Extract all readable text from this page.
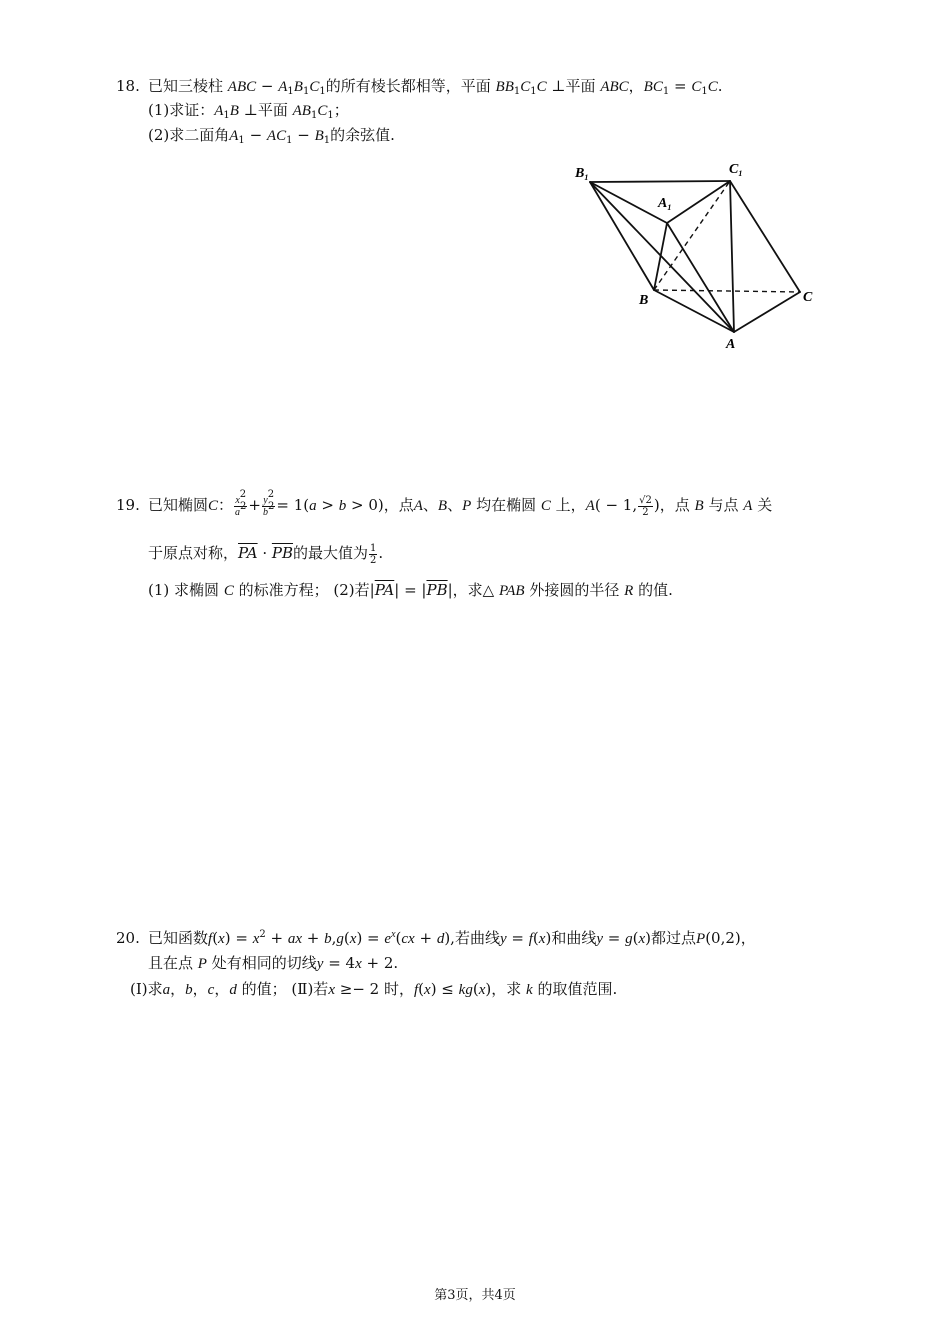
18. 已知三棱柱 ABC − $A_1B_1C_1$的所有棱长都相等，平面 $BB_1C_1C$ ⊥平面 ABC，$BC_1 = C_1C$.
(1)求证：$A_1B$ ⊥平面 $AB_1C_1$；
(2)求二面角$A_1 - AC_1 - B_1$的余弦值.
$B_1$
$C_1$
$A_1$
B	C
A
19. 已知椭圆C： $\frac{x^2}{a^2} + \frac{y^2}{b^2} = 1(a > b > 0)$，点A、B、P 均在椭圆 C 上，A( − 1, $\frac{√2}{2}$ )，点 B 与点 A 关
于原点对称，$\overline{PA} \cdot \overline{PB}$的最大值为 $\frac{1}{2}$ .
(1) 求椭圆 C 的标准方程； (2)若$|\overline{PA}| = |\overline{PB}|$，求△ PAB 外接圆的半径 R 的值.
20. 已知函数$f(x) = x^2$ + ax + $b,g(x) = e^x(cx + d)$,若曲线y = f(x)和曲线y = g(x)都过点P(0,2)，
且在点 P 处有相同的切线y = 4x + 2.
(Ⅰ)求a，b，c，d 的值； (Ⅱ)若x ≥− 2 时，f(x) ≤ kg(x)，求 k 的取值范围.
第3页，共4页
